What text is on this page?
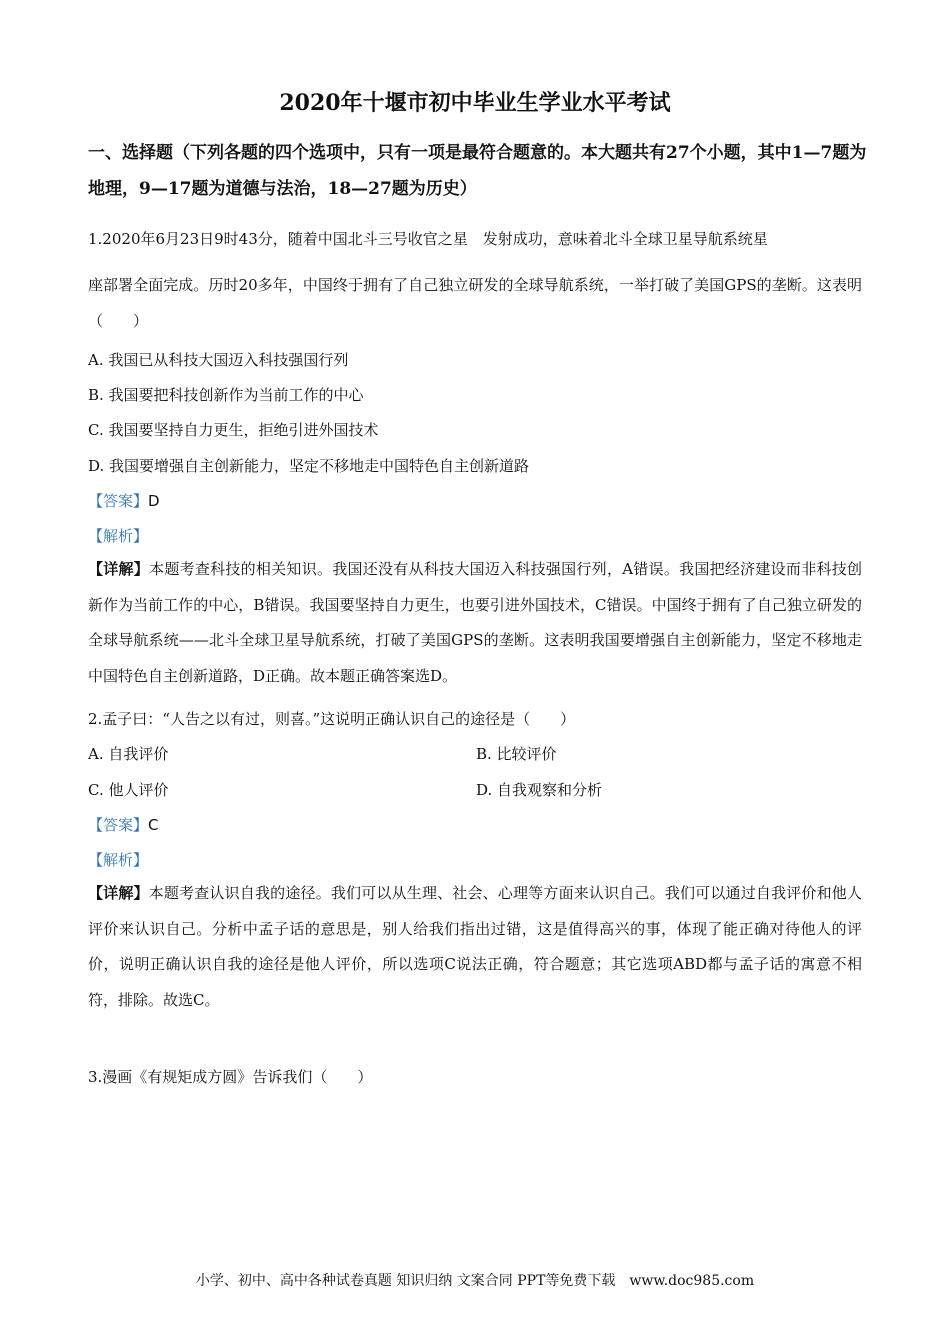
2020年十堰市初中毕业生学业水平考试
一、选择题（下列各题的四个选项中，只有一项是最符合题意的。本大题共有27个小题，其中1—7题为地理，9—17题为道德与法治，18—27题为历史）
1.2020年6月23日9时43分，随着中国北斗三号收官之星　发射成功，意味着北斗全球卫星导航系统星
座部署全面完成。历时20多年，中国终于拥有了自己独立研发的全球导航系统，一举打破了美国GPS的垄断。这表明（　　）
A. 我国已从科技大国迈入科技强国行列
B. 我国要把科技创新作为当前工作的中心
C. 我国要坚持自力更生，拒绝引进外国技术
D. 我国要增强自主创新能力，坚定不移地走中国特色自主创新道路
【答案】D
【解析】
【详解】本题考查科技的相关知识。我国还没有从科技大国迈入科技强国行列，A错误。我国把经济建设而非科技创新作为当前工作的中心，B错误。我国要坚持自力更生，也要引进外国技术，C错误。中国终于拥有了自己独立研发的全球导航系统——北斗全球卫星导航系统，打破了美国GPS的垄断。这表明我国要增强自主创新能力，坚定不移地走中国特色自主创新道路，D正确。故本题正确答案选D。
2.孟子曰：“人告之以有过，则喜。”这说明正确认识自己的途径是（　　）
A. 自我评价	B. 比较评价
C. 他人评价	D. 自我观察和分析
【答案】C
【解析】
【详解】本题考查认识自我的途径。我们可以从生理、社会、心理等方面来认识自己。我们可以通过自我评价和他人评价来认识自己。分析中孟子话的意思是，别人给我们指出过错，这是值得高兴的事，体现了能正确对待他人的评价，说明正确认识自我的途径是他人评价，所以选项C说法正确，符合题意；其它选项ABD都与孟子话的寓意不相符，排除。故选C。
3.漫画《有规矩成方圆》告诉我们（　　）
小学、初中、高中各种试卷真题 知识归纳 文案合同 PPT等免费下载　www.doc985.com
